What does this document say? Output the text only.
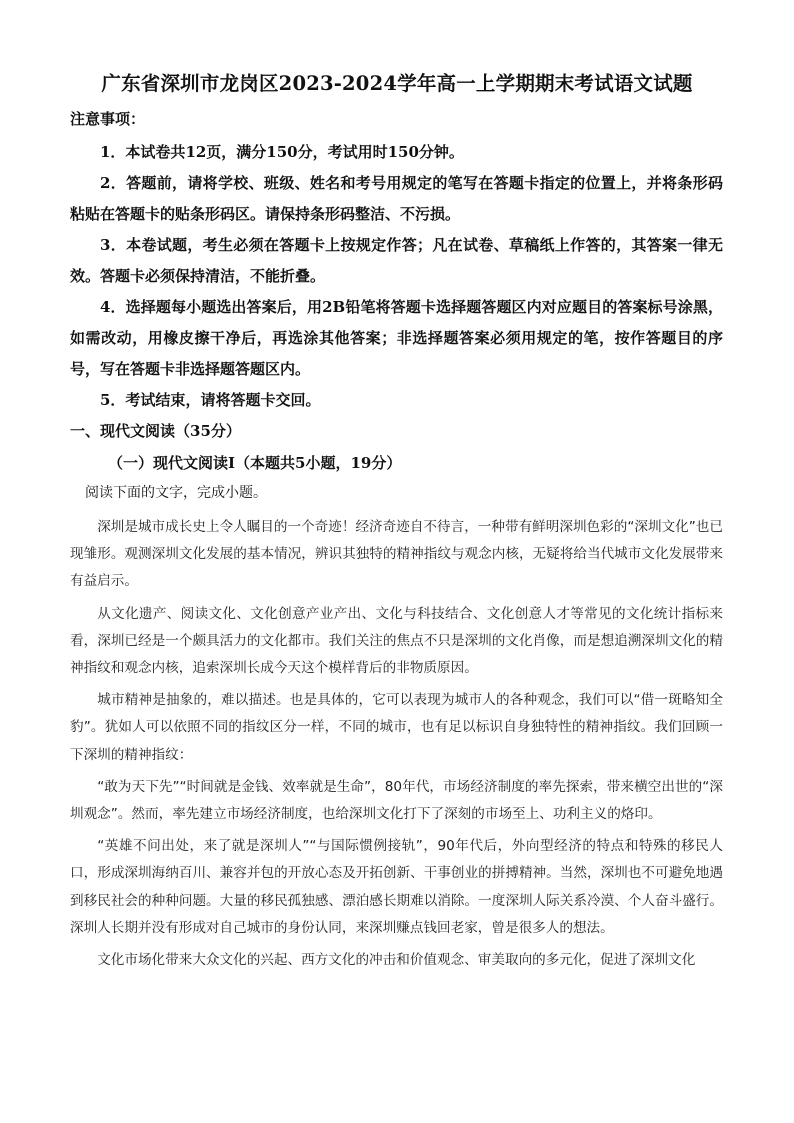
广东省深圳市龙岗区2023-2024学年高一上学期期末考试语文试题
注意事项：

1．本试卷共12页，满分150分，考试用时150分钟。

2．答题前，请将学校、班级、姓名和考号用规定的笔写在答题卡指定的位置上，并将条形码粘贴在答题卡的贴条形码区。请保持条形码整洁、不污损。

3．本卷试题，考生必须在答题卡上按规定作答；凡在试卷、草稿纸上作答的，其答案一律无效。答题卡必须保持清洁，不能折叠。

4．选择题每小题选出答案后，用2B铅笔将答题卡选择题答题区内对应题目的答案标号涂黑，如需改动，用橡皮擦干净后，再选涂其他答案；非选择题答案必须用规定的笔，按作答题目的序号，写在答题卡非选择题答题区内。

5．考试结束，请将答题卡交回。

一、现代文阅读（35分）
（一）现代文阅读Ⅰ（本题共5小题，19分）
阅读下面的文字，完成小题。

深圳是城市成长史上令人瞩目的一个奇迹！经济奇迹自不待言，一种带有鲜明深圳色彩的“深圳文化”也已现雏形。观测深圳文化发展的基本情况，辨识其独特的精神指纹与观念内核，无疑将给当代城市文化发展带来有益启示。

从文化遗产、阅读文化、文化创意产业产出、文化与科技结合、文化创意人才等常见的文化统计指标来看，深圳已经是一个颇具活力的文化都市。我们关注的焦点不只是深圳的文化肖像，而是想追溯深圳文化的精神指纹和观念内核，追索深圳长成今天这个模样背后的非物质原因。

城市精神是抽象的，难以描述。也是具体的，它可以表现为城市人的各种观念，我们可以“借一斑略知全豹”。犹如人可以依照不同的指纹区分一样，不同的城市，也有足以标识自身独特性的精神指纹。我们回顾一下深圳的精神指纹：

“敢为天下先”“时间就是金钱、效率就是生命”，80年代，市场经济制度的率先探索，带来横空出世的“深圳观念”。然而，率先建立市场经济制度，也给深圳文化打下了深刻的市场至上、功利主义的烙印。

“英雄不问出处，来了就是深圳人”“与国际惯例接轨”，90年代后，外向型经济的特点和特殊的移民人口，形成深圳海纳百川、兼容并包的开放心态及开拓创新、干事创业的拼搏精神。当然，深圳也不可避免地遇到移民社会的种种问题。大量的移民孤独感、漂泊感长期难以消除。一度深圳人际关系冷漠、个人奋斗盛行。深圳人长期并没有形成对自己城市的身份认同，来深圳赚点钱回老家，曾是很多人的想法。

文化市场化带来大众文化的兴起、西方文化的冲击和价值观念、审美取向的多元化，促进了深圳文化
